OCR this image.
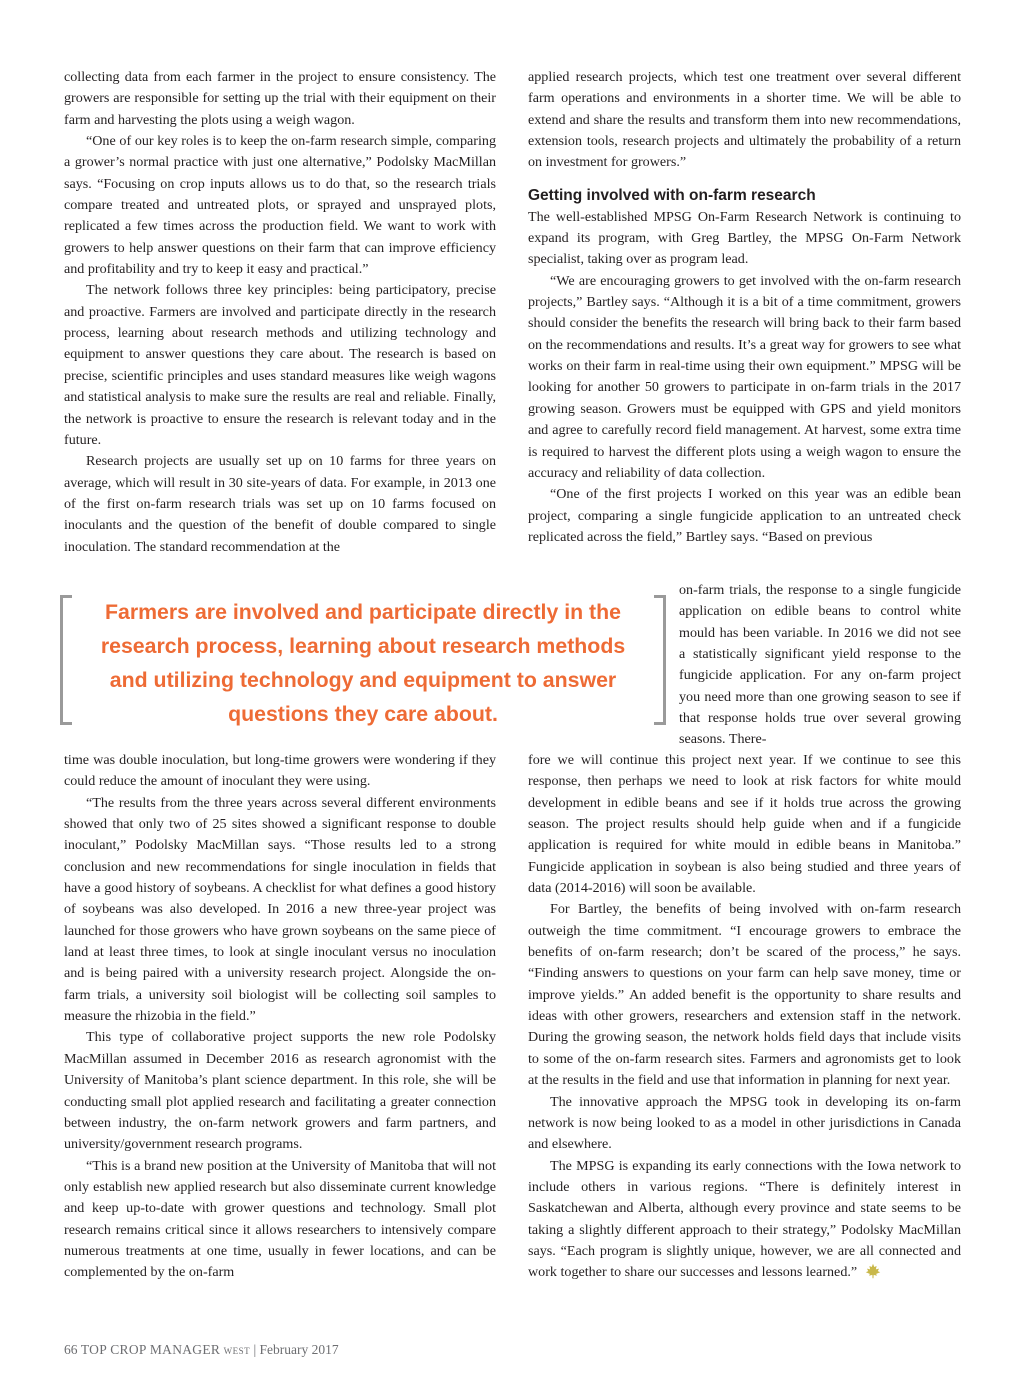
collecting data from each farmer in the project to ensure consistency. The growers are responsible for setting up the trial with their equipment on their farm and harvesting the plots using a weigh wagon.

“One of our key roles is to keep the on-farm research simple, comparing a grower’s normal practice with just one alternative,” Podolsky MacMillan says. “Focusing on crop inputs allows us to do that, so the research trials compare treated and untreated plots, or sprayed and unsprayed plots, replicated a few times across the production field. We want to work with growers to help answer questions on their farm that can improve efficiency and profitability and try to keep it easy and practical.”

The network follows three key principles: being participatory, precise and proactive. Farmers are involved and participate directly in the research process, learning about research methods and utilizing technology and equipment to answer questions they care about. The research is based on precise, scientific principles and uses standard measures like weigh wagons and statistical analysis to make sure the results are real and reliable. Finally, the network is proactive to ensure the research is relevant today and in the future.

Research projects are usually set up on 10 farms for three years on average, which will result in 30 site-years of data. For example, in 2013 one of the first on-farm research trials was set up on 10 farms focused on inoculants and the question of the benefit of double compared to single inoculation. The standard recommendation at the

Farmers are involved and participate directly in the research process, learning about research methods and utilizing technology and equipment to answer questions they care about.

time was double inoculation, but long-time growers were wondering if they could reduce the amount of inoculant they were using.

“The results from the three years across several different environments showed that only two of 25 sites showed a significant response to double inoculant,” Podolsky MacMillan says. “Those results led to a strong conclusion and new recommendations for single inoculation in fields that have a good history of soybeans. A checklist for what defines a good history of soybeans was also developed. In 2016 a new three-year project was launched for those growers who have grown soybeans on the same piece of land at least three times, to look at single inoculant versus no inoculation and is being paired with a university research project. Alongside the on-farm trials, a university soil biologist will be collecting soil samples to measure the rhizobia in the field.”

This type of collaborative project supports the new role Podolsky MacMillan assumed in December 2016 as research agronomist with the University of Manitoba’s plant science department. In this role, she will be conducting small plot applied research and facilitating a greater connection between industry, the on-farm network growers and farm partners, and university/government research programs.

“This is a brand new position at the University of Manitoba that will not only establish new applied research but also disseminate current knowledge and keep up-to-date with grower questions and technology. Small plot research remains critical since it allows researchers to intensively compare numerous treatments at one time, usually in fewer locations, and can be complemented by the on-farm

applied research projects, which test one treatment over several different farm operations and environments in a shorter time. We will be able to extend and share the results and transform them into new recommendations, extension tools, research projects and ultimately the probability of a return on investment for growers.”

Getting involved with on-farm research

The well-established MPSG On-Farm Research Network is continuing to expand its program, with Greg Bartley, the MPSG On-Farm Network specialist, taking over as program lead.

“We are encouraging growers to get involved with the on-farm research projects,” Bartley says. “Although it is a bit of a time commitment, growers should consider the benefits the research will bring back to their farm based on the recommendations and results. It’s a great way for growers to see what works on their farm in real-time using their own equipment.” MPSG will be looking for another 50 growers to participate in on-farm trials in the 2017 growing season. Growers must be equipped with GPS and yield monitors and agree to carefully record field management. At harvest, some extra time is required to harvest the different plots using a weigh wagon to ensure the accuracy and reliability of data collection.

“One of the first projects I worked on this year was an edible bean project, comparing a single fungicide application to an untreated check replicated across the field,” Bartley says. “Based on previous

on-farm trials, the response to a single fungicide application on edible beans to control white mould has been variable. In 2016 we did not see a statistically significant yield response to the fungicide application. For any on-farm project you need more than one growing season to see if that response holds true over several growing seasons. There-

fore we will continue this project next year. If we continue to see this response, then perhaps we need to look at risk factors for white mould development in edible beans and see if it holds true across the growing season. The project results should help guide when and if a fungicide application is required for white mould in edible beans in Manitoba.” Fungicide application in soybean is also being studied and three years of data (2014-2016) will soon be available.

For Bartley, the benefits of being involved with on-farm research outweigh the time commitment. “I encourage growers to embrace the benefits of on-farm research; don’t be scared of the process,” he says. “Finding answers to questions on your farm can help save money, time or improve yields.” An added benefit is the opportunity to share results and ideas with other growers, researchers and extension staff in the network. During the growing season, the network holds field days that include visits to some of the on-farm research sites. Farmers and agronomists get to look at the results in the field and use that information in planning for next year.

The innovative approach the MPSG took in developing its on-farm network is now being looked to as a model in other jurisdictions in Canada and elsewhere.

The MPSG is expanding its early connections with the Iowa network to include others in various regions. “There is definitely interest in Saskatchewan and Alberta, although every province and state seems to be taking a slightly different approach to their strategy,” Podolsky MacMillan says. “Each program is slightly unique, however, we are all connected and work together to share our successes and lessons learned.”

66 TOP CROP MANAGER WEST | February 2017
